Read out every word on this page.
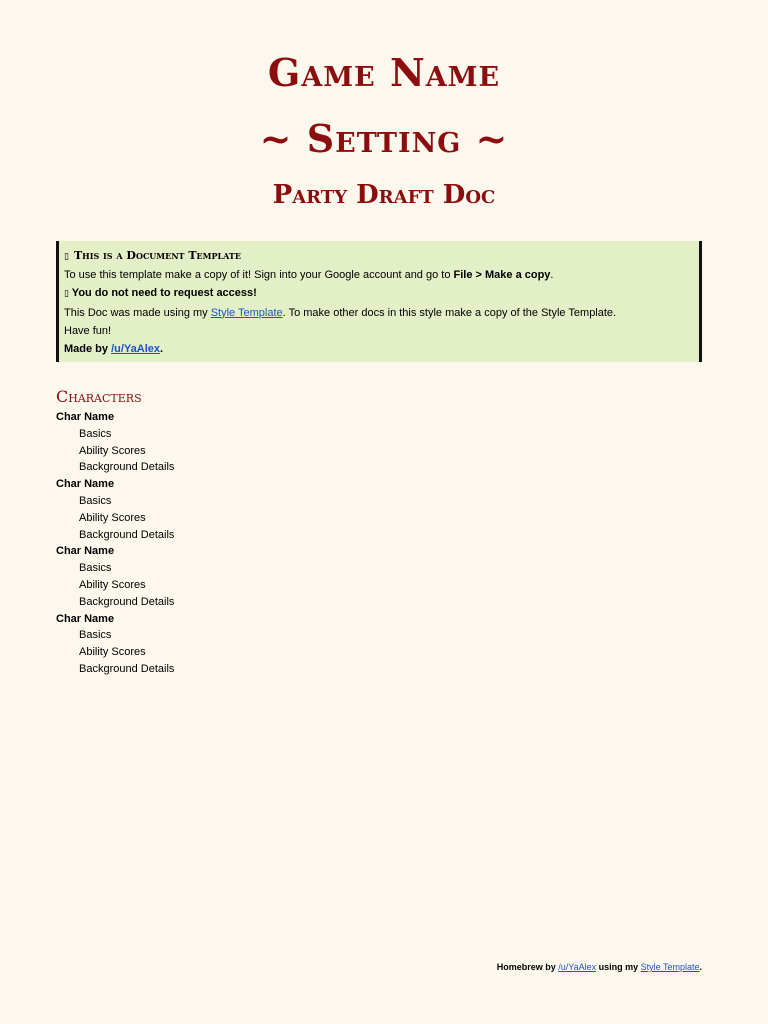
Game Name
~ Setting ~
Party Draft Doc
▯ This is a Document Template
To use this template make a copy of it! Sign into your Google account and go to File > Make a copy.
▯ You do not need to request access!
This Doc was made using my Style Template. To make other docs in this style make a copy of the Style Template.
Have fun!
Made by /u/YaAlex.
Characters
Char Name
Basics
Ability Scores
Background Details
Char Name
Basics
Ability Scores
Background Details
Char Name
Basics
Ability Scores
Background Details
Char Name
Basics
Ability Scores
Background Details
Homebrew by /u/YaAlex using my Style Template.
